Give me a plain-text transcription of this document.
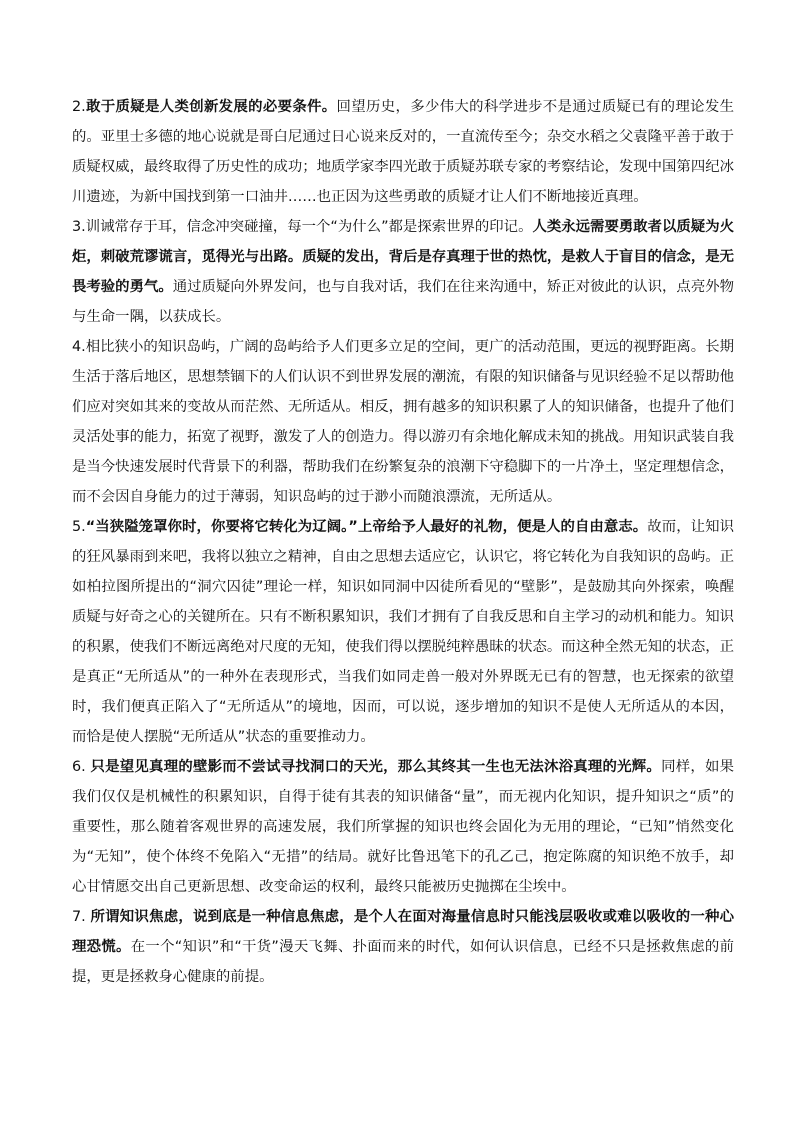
2.敢于质疑是人类创新发展的必要条件。回望历史，多少伟大的科学进步不是通过质疑已有的理论发生的。亚里士多德的地心说就是哥白尼通过日心说来反对的，一直流传至今；杂交水稻之父袁隆平善于敢于质疑权威，最终取得了历史性的成功；地质学家李四光敢于质疑苏联专家的考察结论，发现中国第四纪冰川遗迹，为新中国找到第一口油井……也正因为这些勇敢的质疑才让人们不断地接近真理。

3.训诫常存于耳，信念冲突碰撞，每一个“为什么”都是探索世界的印记。人类永远需要勇敢者以质疑为火炬，刺破荒谬谎言，觅得光与出路。质疑的发出，背后是存真理于世的热忱，是救人于盲目的信念，是无畏考验的勇气。通过质疑向外界发问，也与自我对话，我们在往来沟通中，矫正对彼此的认识，点亮外物与生命一隅，以获成长。

4.相比狭小的知识岛屿，广阔的岛屿给予人们更多立足的空间，更广的活动范围，更远的视野距离。长期生活于落后地区，思想禁锢下的人们认识不到世界发展的潮流，有限的知识储备与见识经验不足以帮助他们应对突如其来的变故从而茫然、无所适从。相反，拥有越多的知识积累了人的知识储备，也提升了他们灵活处事的能力，拓宽了视野，激发了人的创造力。得以游刃有余地化解成未知的挑战。用知识武装自我是当今快速发展时代背景下的利器，帮助我们在纷繁复杂的浪潮下守稳脚下的一片净土，坚定理想信念，而不会因自身能力的过于薄弱，知识岛屿的过于渺小而随浪漂流，无所适从。

5.“当狭隘笼罩你时，你要将它转化为辽阔。”上帝给予人最好的礼物，便是人的自由意志。故而，让知识的狂风暴雨到来吧，我将以独立之精神，自由之思想去适应它，认识它，将它转化为自我知识的岛屿。正如柏拉图所提出的“洞穴囚徒”理论一样，知识如同洞中囚徒所看见的“壁影”，是鼓励其向外探索，唤醒质疑与好奇之心的关键所在。只有不断积累知识，我们才拥有了自我反思和自主学习的动机和能力。知识的积累，使我们不断远离绝对尺度的无知，使我们得以摆脱纯粹愚昧的状态。而这种全然无知的状态，正是真正“无所适从”的一种外在表现形式，当我们如同走兽一般对外界既无已有的智慧，也无探索的欲望时，我们便真正陷入了“无所适从”的境地，因而，可以说，逐步增加的知识不是使人无所适从的本因，而恰是使人摆脱“无所适从”状态的重要推动力。

6. 只是望见真理的壁影而不尝试寻找洞口的天光，那么其终其一生也无法沐浴真理的光辉。同样，如果我们仅仅是机械性的积累知识，自得于徒有其表的知识储备“量”，而无视内化知识，提升知识之“质”的重要性，那么随着客观世界的高速发展，我们所掌握的知识也终会固化为无用的理论，“已知”悄然变化为“无知”，使个体终不免陷入“无措”的结局。就好比鲁迅笔下的孔乙己，抱定陈腐的知识绝不放手，却心甘情愿交出自己更新思想、改变命运的权利，最终只能被历史抛掷在尘埃中。

7. 所谓知识焦虑，说到底是一种信息焦虑，是个人在面对海量信息时只能浅层吸收或难以吸收的一种心理恐慌。在一个“知识”和“干货”漫天飞舞、扑面而来的时代，如何认识信息，已经不只是拯救焦虑的前提，更是拯救身心健康的前提。
